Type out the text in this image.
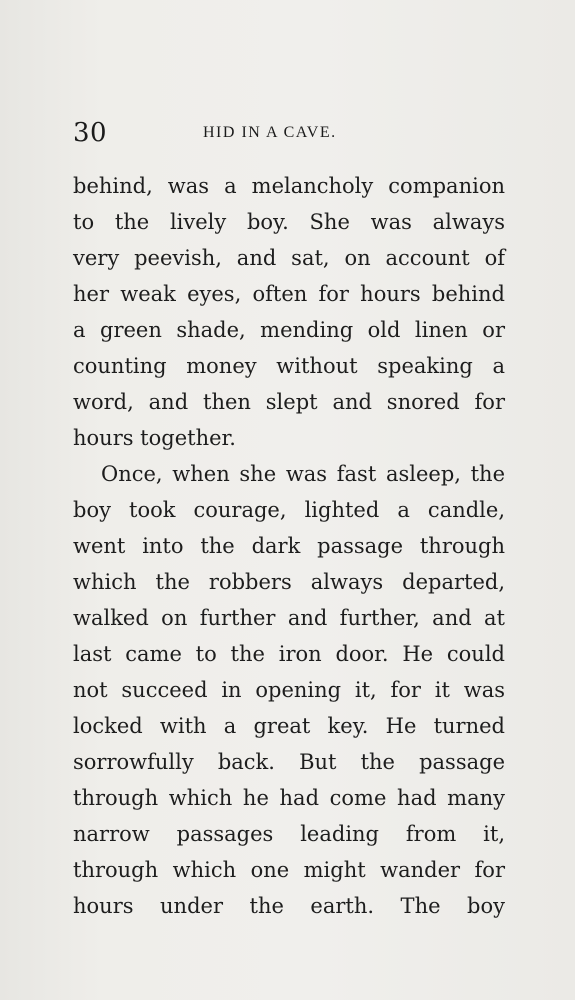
30	HID IN A CAVE.
behind, was a melancholy companion
to the lively boy. She was always
very peevish, and sat, on account of
her weak eyes, often for hours behind
a green shade, mending old linen or
counting money without speaking a
word, and then slept and snored for
hours together.
Once, when she was fast asleep, the
boy took courage, lighted a candle,
went into the dark passage through
which the robbers always departed,
walked on further and further, and at
last came to the iron door. He could
not succeed in opening it, for it was
locked with a great key. He turned
sorrowfully back. But the passage
through which he had come had many
narrow passages leading from it,
through which one might wander for
hours under the earth. The boy
